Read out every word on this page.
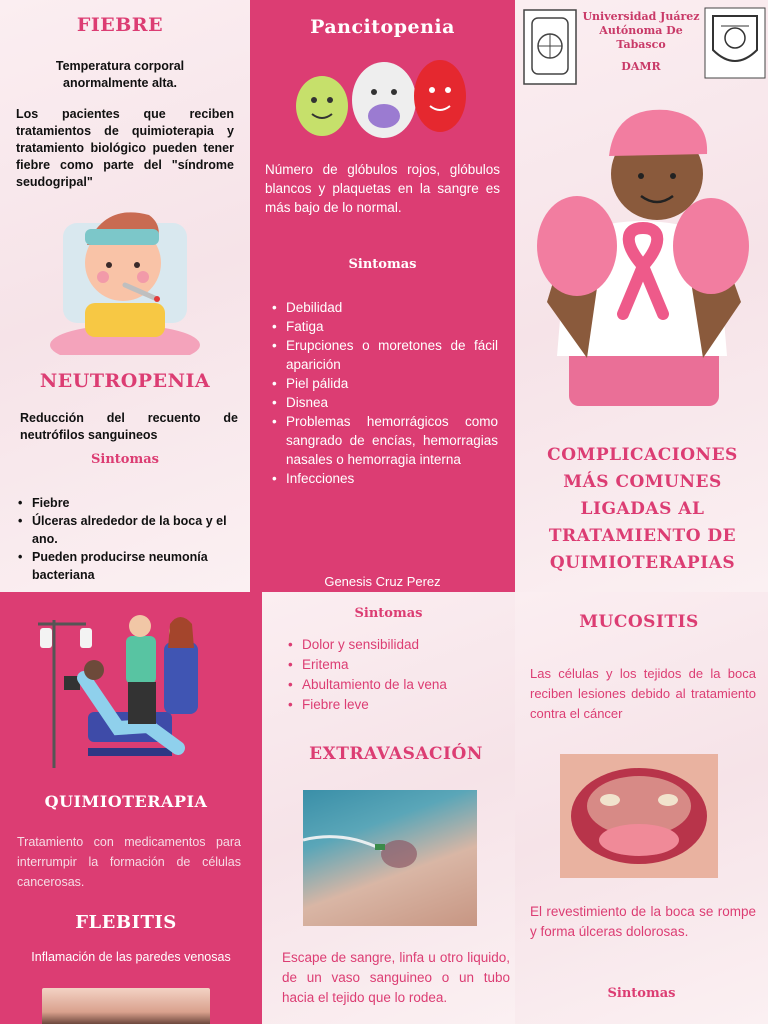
FIEBRE
Temperatura corporal anormalmente alta.
Los pacientes que reciben tratamientos de quimioterapia y tratamiento biológico pueden tener fiebre como parte del "síndrome seudogripal"
NEUTROPENIA
Reducción del recuento de neutrófilos sanguineos
Sintomas
• Fiebre
• Úlceras alrededor de la boca y el ano.
• Pueden producirse neumonía bacteriana
Pancitopenia
Número de glóbulos rojos, glóbulos blancos y plaquetas en la sangre es más bajo de lo normal.
Sintomas
• Debilidad
• Fatiga
• Erupciones o moretones de fácil aparición
• Piel pálida
• Disnea
• Problemas hemorrágicos como sangrado de encías, hemorragias nasales o hemorragia interna
• Infecciones
Genesis Cruz Perez
Universidad Juárez Autónoma De Tabasco
DAMR
COMPLICACIONES MÁS COMUNES LIGADAS AL TRATAMIENTO DE QUIMIOTERAPIAS
QUIMIOTERAPIA
Tratamiento con medicamentos para interrumpir la formación de células cancerosas.
FLEBITIS
Inflamación de las paredes venosas
Sintomas
• Dolor y sensibilidad
• Eritema
• Abultamiento de la vena
• Fiebre leve
EXTRAVASACIÓN
Escape de sangre, linfa u otro liquido, de un vaso sanguineo o un tubo hacia el tejido que lo rodea.
MUCOSITIS
Las células y los tejidos de la boca reciben lesiones debido al tratamiento contra el cáncer
El revestimiento de la boca se rompe y forma úlceras dolorosas.
Sintomas
